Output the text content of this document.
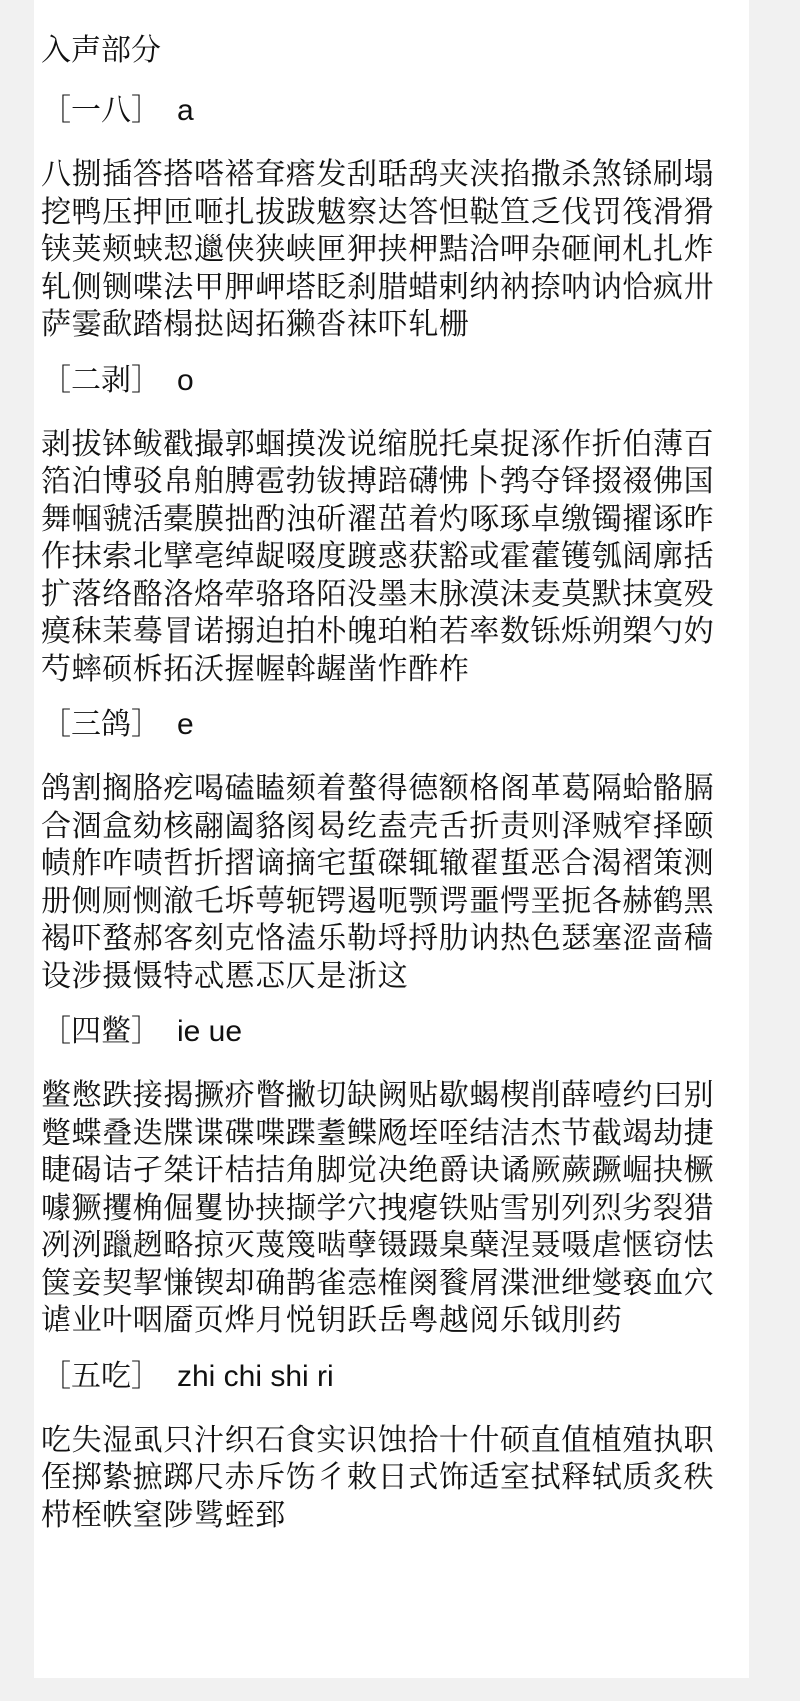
入声部分
［一八］ a
八捌插答搭嗒褡耷瘩发刮聒鸹夹浃掐撒杀煞铩刷塌挖鸭压押匝咂扎拔跋魃察达答怛鞑笪乏伐罚筏滑猾铗荚颊蛱恝邋侠狭峡匣狎挟柙黠洽呷杂砸闸札扎炸轧侧铡喋法甲胛岬塔眨刹腊蜡剌纳衲捺呐讷恰疯卅萨霎歃踏榻挞闼拓獭沓袜吓轧栅
［二剥］ o
剥拔钵鲅戳撮郭蝈摸泼说缩脱托桌捉涿作折伯薄百箔泊博驳帛舶膊雹勃钹搏踣礴怫卜鹁夺铎掇裰佛国舞帼虢活橐膜拙酌浊斫濯茁着灼啄琢卓缴镯擢诼昨作抹索北擘亳绰龊啜度踱惑获豁或霍藿镬瓠阔廓括扩落络酪洛烙荦骆珞陌没墨末脉漠沫麦莫默抹寞殁瘼秣茉蓦冒诺搦迫拍朴魄珀粕若率数铄烁朔槊勺妁芍蟀硕柝拓沃握幄斡龌凿怍酢柞
［三鸽］ e
鸽割搁胳疙喝磕瞌颏着螯得德额格阁革葛隔蛤骼膈合涸盒劾核翮阖貉阂曷纥盍壳舌折责则泽贼窄择颐帻舴咋啧哲折摺谪摘宅蜇磔辄辙翟蜇恶合渴褶策测册侧厕恻澈乇坼萼轭锷遏呃颚谔噩愕垩扼各赫鹤黑褐吓蝥郝客刻克恪溘乐勒埒捋肋讷热色瑟塞涩啬穑设涉摄慑特忒慝忑仄是浙这
［四鳖］ ie ue
鳖憋跌接揭撅疥瞥撇切缺阙贴歇蝎楔削薛噎约曰别蹩蝶叠迭牒谍碟喋蹀耋鲽飏垤咥结洁杰节截竭劫捷睫碣诘孑桀讦桔拮角脚觉决绝爵诀谲厥蕨蹶崛抉橛噱獗攫桷倔矍协挟撷学穴拽瘪铁贴雪别列烈劣裂猎冽洌躐趔略掠灭蔑篾啮孽镊蹑臬蘖涅聂嗫虐惬窃怯箧妾契挈慊锲却确鹊雀悫榷阕餮屑渫泄绁燮亵血穴谑业叶咽靥页烨月悦钥跃岳粤越阅乐钺刖药
［五吃］ zhi chi shi ri
吃失湿虱只汁织石食实识蚀拾十什硕直值植殖执职侄掷絷摭踯尺赤斥饬彳敕日式饰适室拭释轼质炙秩栉桎帙窒陟骘蛭郅
